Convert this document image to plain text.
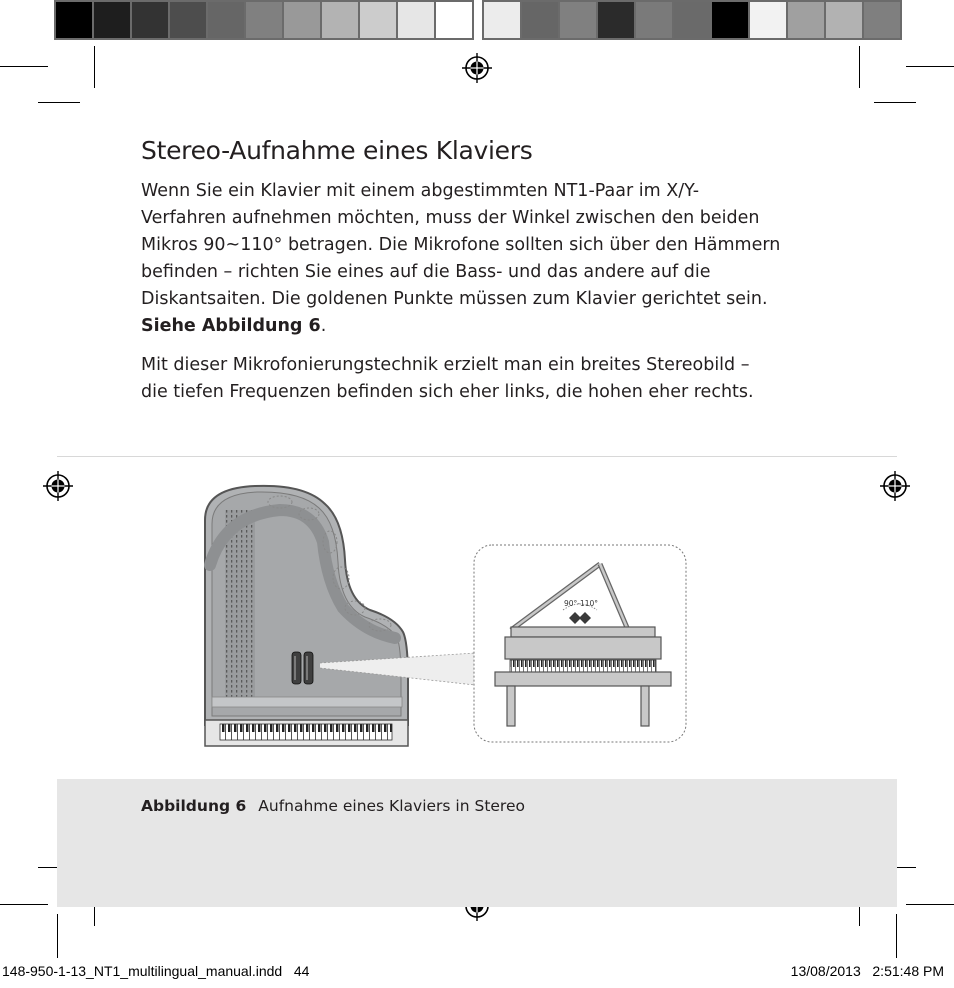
Stereo-Aufnahme eines Klaviers

Wenn Sie ein Klavier mit einem abgestimmten NT1-Paar im X/Y-Verfahren aufnehmen möchten, muss der Winkel zwischen den beiden Mikros 90~110° betragen. Die Mikrofone sollten sich über den Hämmern befinden – richten Sie eines auf die Bass- und das andere auf die Diskantsaiten. Die goldenen Punkte müssen zum Klavier gerichtet sein. Siehe Abbildung 6.

Mit dieser Mikrofonierungstechnik erzielt man ein breites Stereobild – die tiefen Frequenzen befinden sich eher links, die hohen eher rechts.

90°-110°
Abbildung 6 Aufnahme eines Klaviers in Stereo
148-950-1-13_NT1_multilingual_manual.indd   44	13/08/2013   2:51:48 PM
